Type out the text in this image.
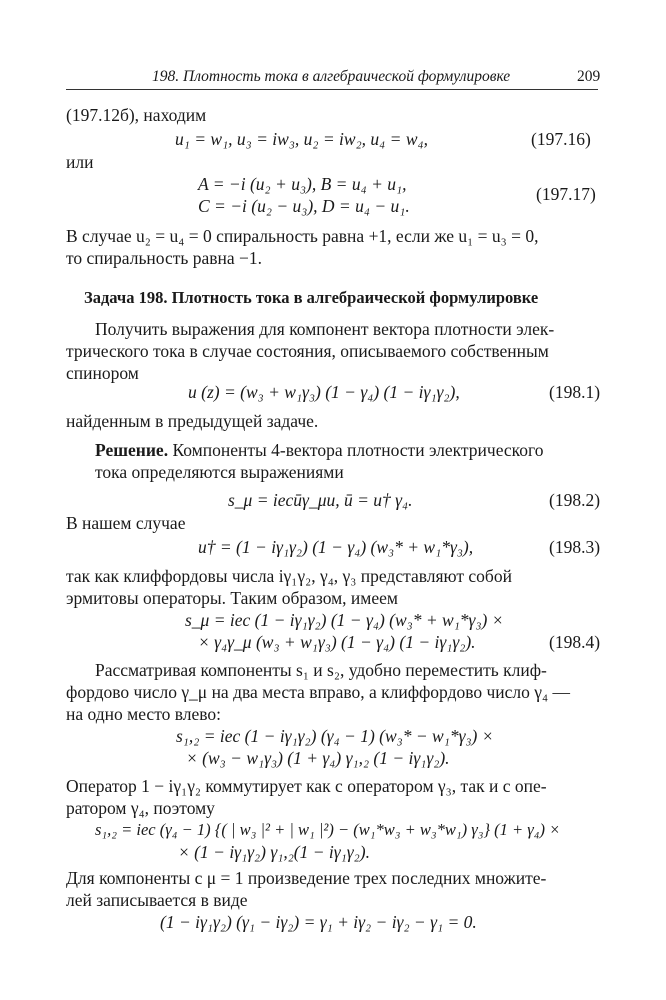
198. Плотность тока в алгебраической формулировке	209
(197.12б), находим
u₁ = w₁, u₃ = iw₃, u₂ = iw₂, u₄ = w₄,	(197.16)
или
A = −i (u₂ + u₃), B = u₄ + u₁,
C = −i (u₂ − u₃), D = u₄ − u₁.
(197.17)
В случае u₂ = u₄ = 0 спиральность равна +1, если же u₁ = u₃ = 0,
то спиральность равна −1.
Задача 198. Плотность тока в алгебраической формулировке
Получить выражения для компонент вектора плотности элек-
трического тока в случае состояния, описываемого собственным
спинором
u (z) = (w₃ + w₁γ₃) (1 − γ₄) (1 − iγ₁γ₂),	(198.1)
найденным в предыдущей задаче.
Решение. Компоненты 4-вектора плотности электрического
тока определяются выражениями
s_μ = iecūγ_μu, ū = u† γ₄.	(198.2)
В нашем случае
u† = (1 − iγ₁γ₂) (1 − γ₄) (w₃* + w₁*γ₃),	(198.3)
так как клиффордовы числа iγ₁γ₂, γ₄, γ₃ представляют собой
эрмитовы операторы. Таким образом, имеем
s_μ = iec (1 − iγ₁γ₂) (1 − γ₄) (w₃* + w₁*γ₃) ×
× γ₄γ_μ (w₃ + w₁γ₃) (1 − γ₄) (1 − iγ₁γ₂).	(198.4)
Рассматривая компоненты s₁ и s₂, удобно переместить клиф-
фордово число γ_μ на два места вправо, а клиффордово число γ₄ —
на одно место влево:
s₁,₂ = iec (1 − iγ₁γ₂) (γ₄ − 1) (w₃* − w₁*γ₃) ×
× (w₃ − w₁γ₃) (1 + γ₄) γ₁,₂ (1 − iγ₁γ₂).
Оператор 1 − iγ₁γ₂ коммутирует как с оператором γ₃, так и с опе-
ратором γ₄, поэтому
s₁,₂ = iec (γ₄ − 1) {( | w₃ |² + | w₁ |²) − (w₁*w₃ + w₃*w₁) γ₃} (1 + γ₄) ×
× (1 − iγ₁γ₂) γ₁,₂(1 − iγ₁γ₂).
Для компоненты с μ = 1 произведение трех последних множите-
лей записывается в виде
(1 − iγ₁γ₂) (γ₁ − iγ₂) = γ₁ + iγ₂ − iγ₂ − γ₁ = 0.
